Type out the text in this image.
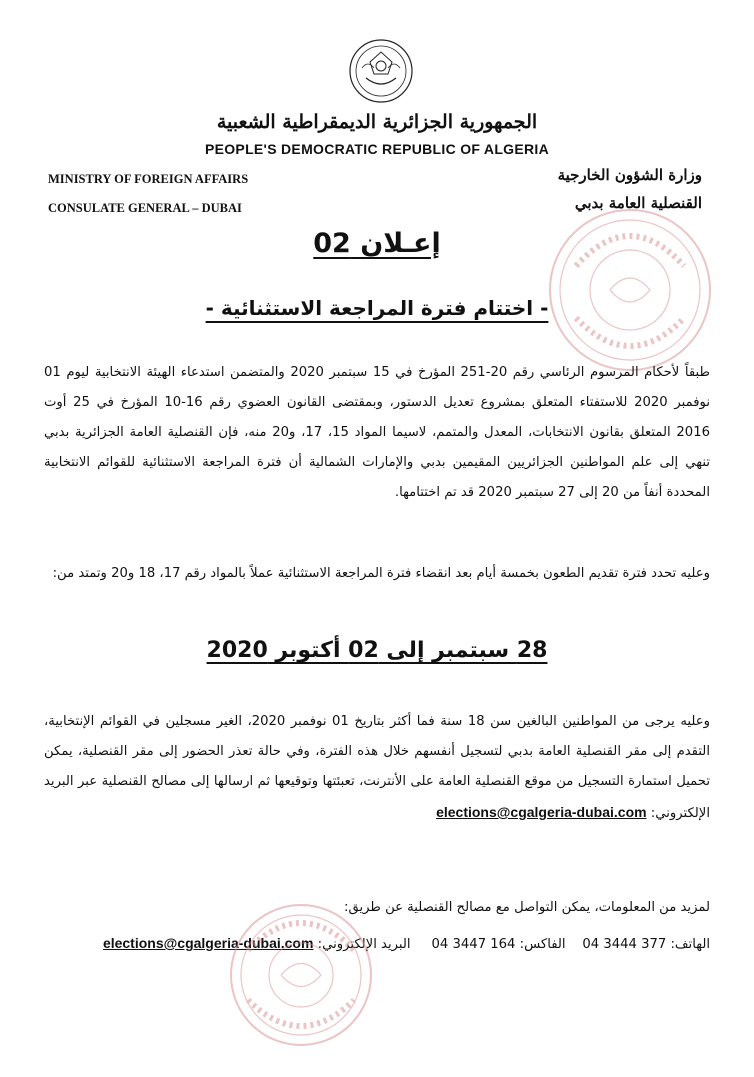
الجمهورية الجزائرية الديمقراطية الشعبية
PEOPLE'S DEMOCRATIC REPUBLIC OF ALGERIA
MINISTRY OF FOREIGN AFFAIRS
CONSULATE GENERAL – DUBAI
وزارة الشؤون الخارجية
القنصلية العامة بدبي
إعـلان 02
- اختتام فترة المراجعة الاستثنائية -
طبقاً لأحكام المرسوم الرئاسي رقم 20-251 المؤرخ في 15 سبتمبر 2020 والمتضمن استدعاء الهيئة الانتخابية ليوم 01 نوفمبر 2020 للاستفتاء المتعلق بمشروع تعديل الدستور، وبمقتضى القانون العضوي رقم 16-10 المؤرخ في 25 أوت 2016 المتعلق بقانون الانتخابات، المعدل والمتمم، لاسيما المواد 15، 17، و20 منه، فإن القنصلية العامة الجزائرية بدبي تنهي إلى علم المواطنين الجزائريين المقيمين بدبي والإمارات الشمالية أن فترة المراجعة الاستثنائية للقوائم الانتخابية المحددة أنفاً من 20 إلى 27 سبتمبر 2020 قد تم اختتامها.
وعليه تحدد فترة تقديم الطعون بخمسة أيام بعد انقضاء فترة المراجعة الاستثنائية عملاً بالمواد رقم 17، 18 و20 وتمتد من:
28 سبتمبر إلى 02 أكتوبر 2020
وعليه يرجى من المواطنين البالغين سن 18 سنة فما أكثر بتاريخ 01 نوفمبر 2020، الغير مسجلين في القوائم الإنتخابية، التقدم إلى مقر القنصلية العامة بدبي لتسجيل أنفسهم خلال هذه الفترة، وفي حالة تعذر الحضور إلى مقر القنصلية، يمكن تحميل استمارة التسجيل من موقع القنصلية العامة على الأنترنت، تعبئتها وتوقيعها ثم ارسالها إلى مصالح القنصلية عبر البريد الإلكتروني: elections@cgalgeria-dubai.com
لمزيد من المعلومات، يمكن التواصل مع مصالح القنصلية عن طريق:
الهاتف: 04 3444 377    الفاكس: 04 3447 164     البريد الإلكتروني: elections@cgalgeria-dubai.com
